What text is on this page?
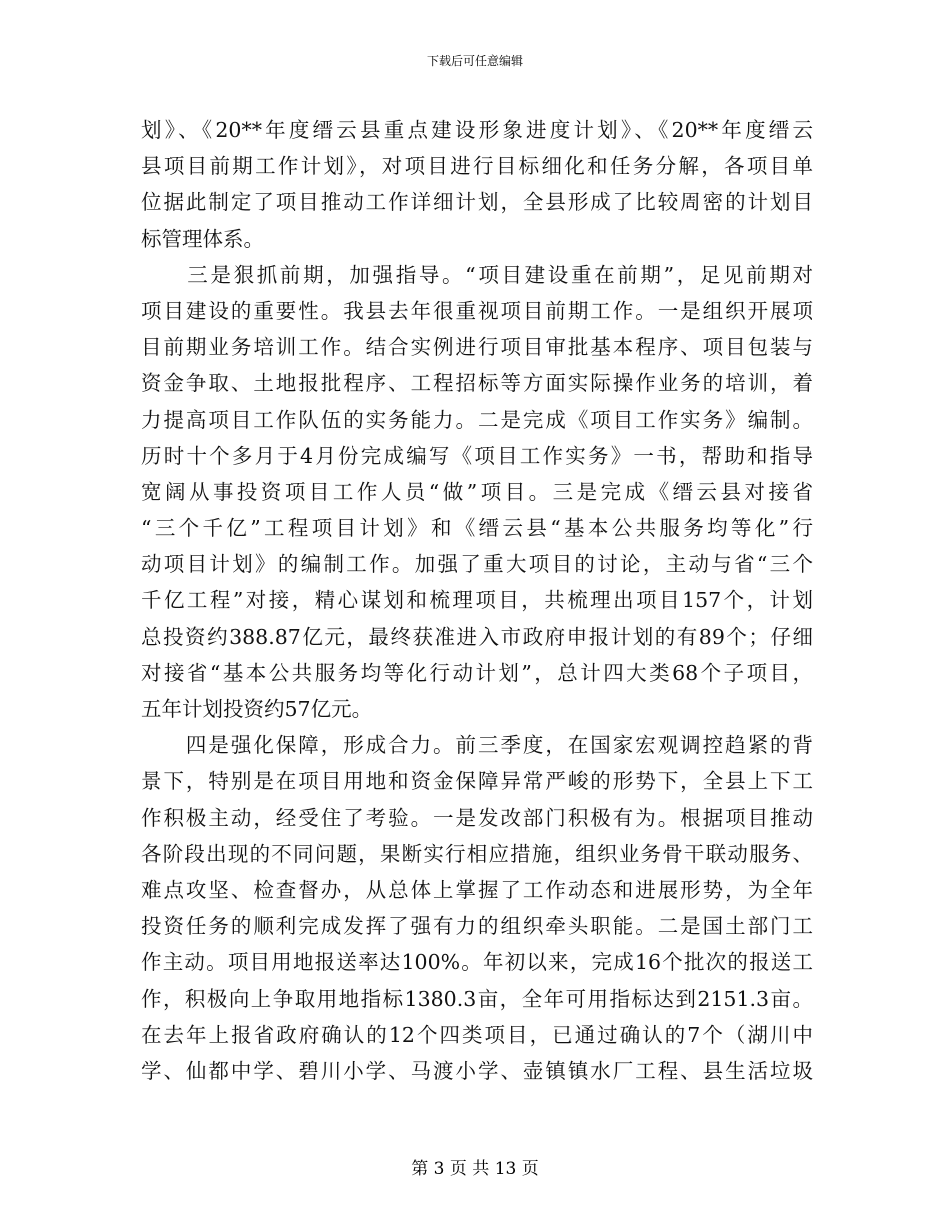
下载后可任意编辑
划》、《20**年度缙云县重点建设形象进度计划》、《20**年度缙云
县项目前期工作计划》，对项目进行目标细化和任务分解，各项目单
位据此制定了项目推动工作详细计划，全县形成了比较周密的计划目
标管理体系。
　　三是狠抓前期，加强指导。“项目建设重在前期”，足见前期对
项目建设的重要性。我县去年很重视项目前期工作。一是组织开展项
目前期业务培训工作。结合实例进行项目审批基本程序、项目包装与
资金争取、土地报批程序、工程招标等方面实际操作业务的培训，着
力提高项目工作队伍的实务能力。二是完成《项目工作实务》编制。
历时十个多月于4月份完成编写《项目工作实务》一书，帮助和指导
宽阔从事投资项目工作人员“做”项目。三是完成《缙云县对接省
“三个千亿”工程项目计划》和《缙云县“基本公共服务均等化”行
动项目计划》的编制工作。加强了重大项目的讨论，主动与省“三个
千亿工程”对接，精心谋划和梳理项目，共梳理出项目157个，计划
总投资约388.87亿元，最终获准进入市政府申报计划的有89个；仔细
对接省“基本公共服务均等化行动计划”，总计四大类68个子项目，
五年计划投资约57亿元。
　　四是强化保障，形成合力。前三季度，在国家宏观调控趋紧的背
景下，特别是在项目用地和资金保障异常严峻的形势下，全县上下工
作积极主动，经受住了考验。一是发改部门积极有为。根据项目推动
各阶段出现的不同问题，果断实行相应措施，组织业务骨干联动服务、
难点攻坚、检查督办，从总体上掌握了工作动态和进展形势，为全年
投资任务的顺利完成发挥了强有力的组织牵头职能。二是国土部门工
作主动。项目用地报送率达100%。年初以来，完成16个批次的报送工
作，积极向上争取用地指标1380.3亩，全年可用指标达到2151.3亩。
在去年上报省政府确认的12个四类项目，已通过确认的7个（湖川中
学、仙都中学、碧川小学、马渡小学、壶镇镇水厂工程、县生活垃圾
第 3 页 共 13 页
